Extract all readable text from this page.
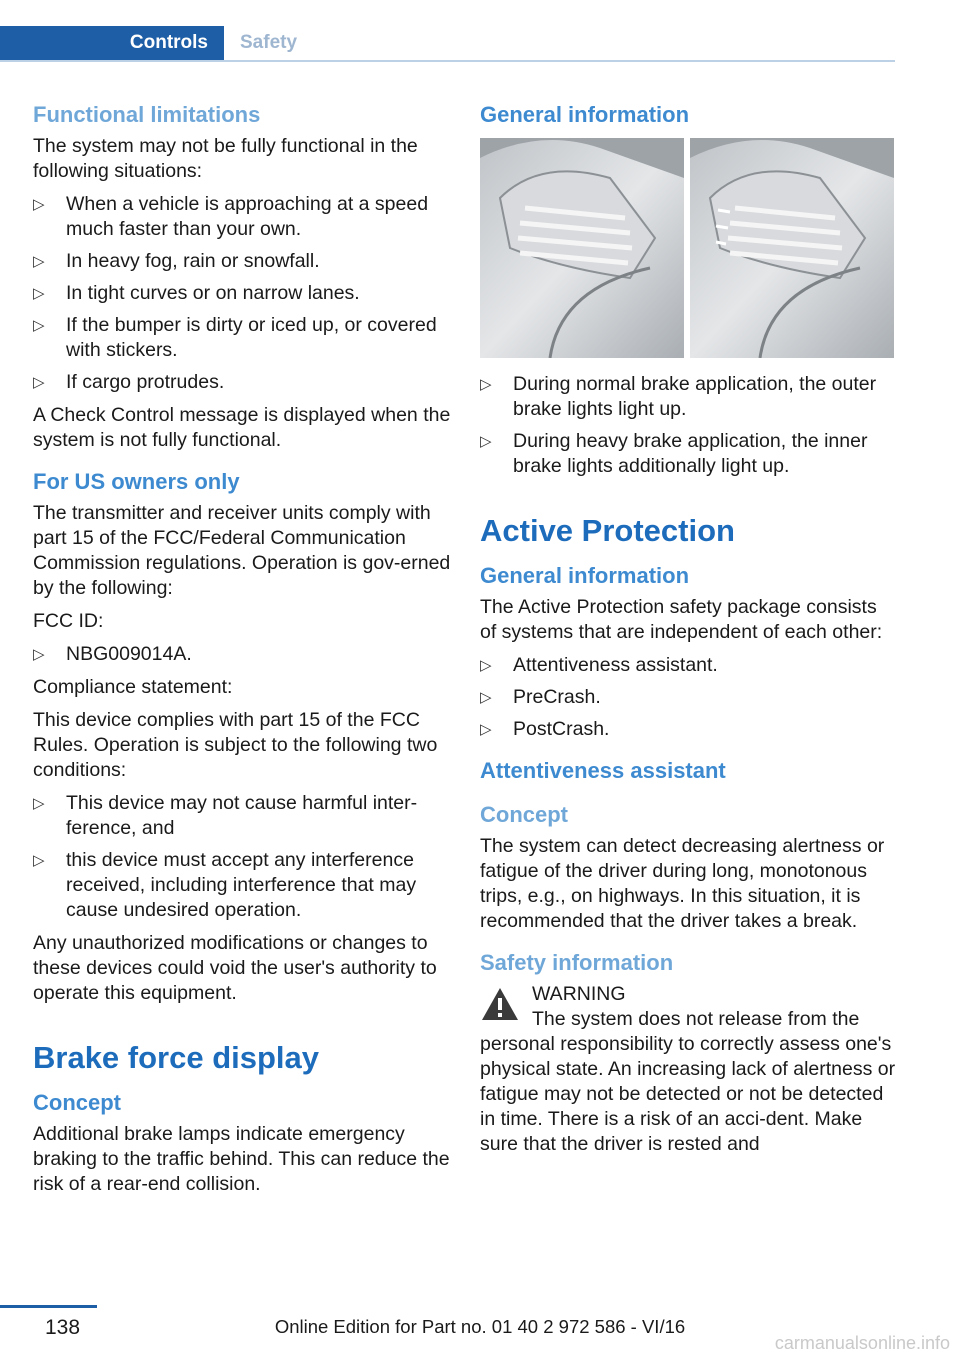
Controls	Safety
Functional limitations

The system may not be fully functional in the following situations:

▷ When a vehicle is approaching at a speed much faster than your own.
▷ In heavy fog, rain or snowfall.
▷ In tight curves or on narrow lanes.
▷ If the bumper is dirty or iced up, or covered with stickers.
▷ If cargo protrudes.

A Check Control message is displayed when the system is not fully functional.

For US owners only

The transmitter and receiver units comply with part 15 of the FCC/Federal Communication Commission regulations. Operation is gov‐erned by the following:

FCC ID:

▷ NBG009014A.

Compliance statement:

This device complies with part 15 of the FCC Rules. Operation is subject to the following two conditions:

▷ This device may not cause harmful inter‐ference, and
▷ this device must accept any interference received, including interference that may cause undesired operation.

Any unauthorized modifications or changes to these devices could void the user's authority to operate this equipment.

Brake force display
Concept

Additional brake lamps indicate emergency braking to the traffic behind. This can reduce the risk of a rear-end collision.

General information
▷ During normal brake application, the outer brake lights light up.
▷ During heavy brake application, the inner brake lights additionally light up.
Active Protection
General information

The Active Protection safety package consists of systems that are independent of each other:

▷ Attentiveness assistant.
▷ PreCrash.
▷ PostCrash.
Attentiveness assistant
Concept

The system can detect decreasing alertness or fatigue of the driver during long, monotonous trips, e.g., on highways. In this situation, it is recommended that the driver takes a break.

Safety information

WARNING

The system does not release from the

personal responsibility to correctly assess one's physical state. An increasing lack of alertness or fatigue may not be detected or not be detected in time. There is a risk of an acci‐dent. Make sure that the driver is rested and

138	Online Edition for Part no. 01 40 2 972 586 - VI/16
carmanualsonline.info
